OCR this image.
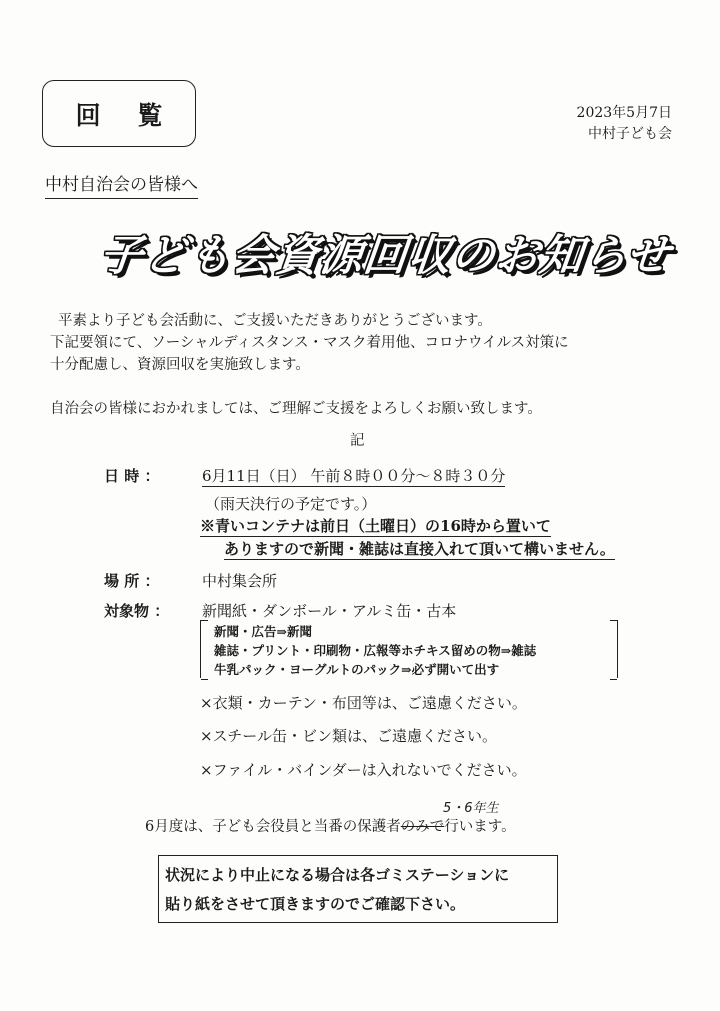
回 覧	2023年5月7日
中村子ども会
中村自治会の皆様へ
子ども会資源回収のお知らせ
平素より子ども会活動に、ご支援いただきありがとうございます。
下記要領にて、ソーシャルディスタンス・マスク着用他、コロナウイルス対策に
十分配慮し、資源回収を実施致します。
自治会の皆様におかれましては、ご理解ご支援をよろしくお願い致します。
記
日 時 ：	6月11日（日） 午前８時００分～８時３０分
（雨天決行の予定です。）
※青いコンテナは前日（土曜日）の16時から置いて
ありますので新聞・雑誌は直接入れて頂いて構いません。
場 所 ：	中村集会所
対象物 ： 新聞紙・ダンボール・アルミ缶・古本
新聞・広告⇒新聞
雑誌・プリント・印刷物・広報等ホチキス留めの物⇒雑誌
牛乳パック・ヨーグルトのパック⇒必ず開いて出す
×衣類・カーテン・布団等は、ご遠慮ください。
×スチール缶・ビン類は、ご遠慮ください。
×ファイル・バインダーは入れないでください。
5・6年生
6月度は、子ども会役員と当番の保護者のみで行います。
状況により中止になる場合は各ゴミステーションに
貼り紙をさせて頂きますのでご確認下さい。
